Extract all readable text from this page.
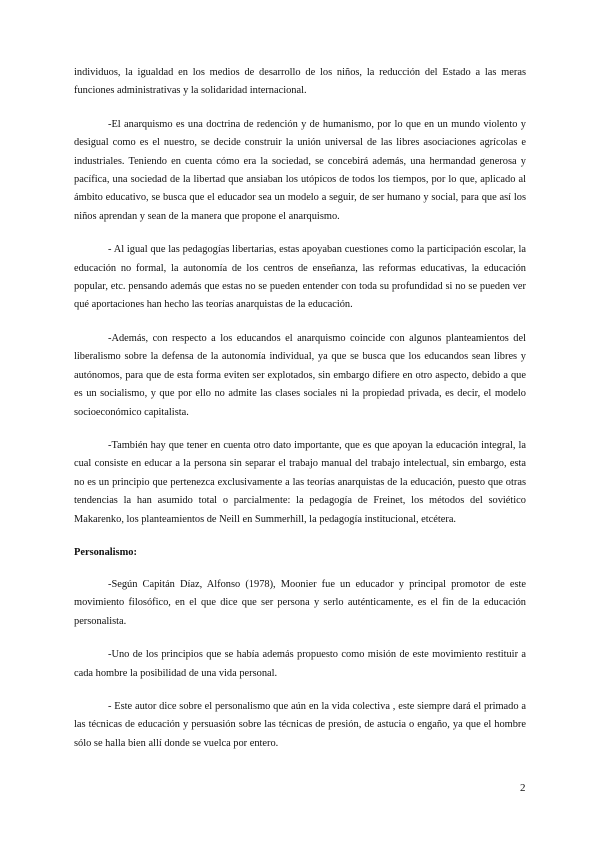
individuos, la igualdad en los medios de desarrollo de los niños, la reducción del Estado a las meras funciones administrativas y la solidaridad internacional.

-El anarquismo es una doctrina de redención y de humanismo, por lo que en un mundo violento y desigual como es el nuestro, se decide construir la unión universal de las libres asociaciones agrícolas e industriales. Teniendo en cuenta cómo era la sociedad, se concebirá además, una hermandad generosa y pacífica, una sociedad de la libertad que ansiaban los utópicos de todos los tiempos, por lo que, aplicado al ámbito educativo, se busca que el educador sea un modelo a seguir, de ser humano y social, para que así los niños aprendan y sean de la manera que propone el anarquismo.

- Al igual que las pedagogías libertarias, estas apoyaban cuestiones como la participación escolar, la educación no formal, la autonomía de los centros de enseñanza, las reformas educativas, la educación popular, etc. pensando además que estas no se pueden entender con toda su profundidad si no se pueden ver qué aportaciones han hecho las teorías anarquistas de la educación.

-Además, con respecto a los educandos el anarquismo coincide con algunos planteamientos del liberalismo sobre la defensa de la autonomía individual, ya que se busca que los educandos sean libres y autónomos, para que de esta forma eviten ser explotados, sin embargo difiere en otro aspecto, debido a que es un socialismo, y que por ello no admite las clases sociales ni la propiedad privada, es decir, el modelo socioeconómico capitalista.

-También hay que tener en cuenta otro dato importante, que es que apoyan la educación integral, la cual consiste en educar a la persona sin separar el trabajo manual del trabajo intelectual, sin embargo, esta no es un principio que pertenezca exclusivamente a las teorías anarquistas de la educación, puesto que otras tendencias la han asumido total o parcialmente: la pedagogía de Freinet, los métodos del soviético Makarenko, los planteamientos de Neill en Summerhill, la pedagogía institucional, etcétera.

Personalismo:

-Según Capitán Díaz, Alfonso (1978), Moonier fue un educador y principal promotor de este movimiento filosófico, en el que dice que ser persona y serlo auténticamente, es el fin de la educación personalista.

-Uno de los principios que se había además propuesto como misión de este movimiento restituir a cada hombre la posibilidad de una vida personal.

- Este autor dice sobre el personalismo que aún en la vida colectiva , este siempre dará el primado a las técnicas de educación y persuasión sobre las técnicas de presión, de astucia o engaño, ya que el hombre sólo se halla bien allí donde se vuelca por entero.

2
